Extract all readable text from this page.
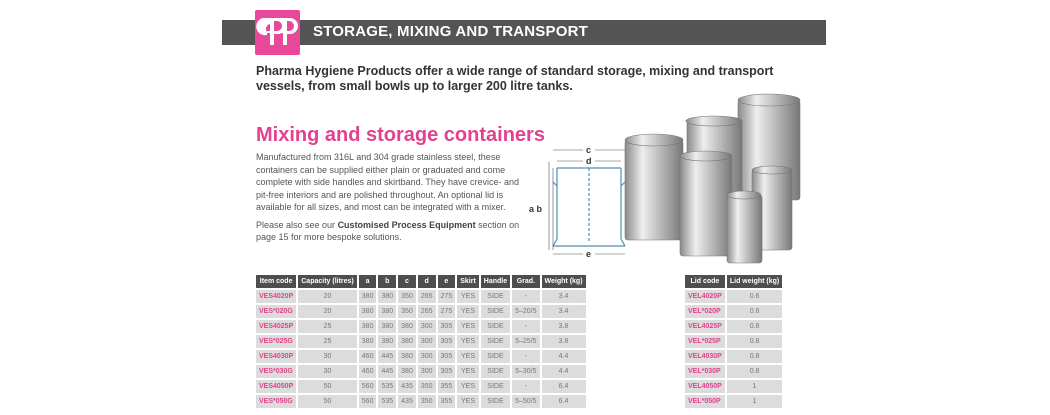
STORAGE, MIXING AND TRANSPORT
Pharma Hygiene Products offer a wide range of standard storage, mixing and transport vessels, from small bowls up to larger 200 litre tanks.
Mixing and storage containers

Manufactured from 316L and 304 grade stainless steel, these containers can be supplied either plain or graduated and come complete with side handles and skirtband. They have crevice- and pit-free interiors and are polished throughout. An optional lid is available for all sizes, and most can be integrated with a mixer.

Please also see our Customised Process Equipment section on page 15 for more bespoke solutions.

c
d
a b
e
Item code	Capacity (litres)	a	b	c	d	e	Skirt	Handle	Grad.	Weight (kg)
VES4020P	20	380	380	350	265	275	YES	SIDE	-	3.4
VES*020G	20	380	380	350	265	275	YES	SIDE	5–20/5	3.4
VES4025P	25	380	380	380	300	305	YES	SIDE	-	3.8
VES*025G	25	380	380	380	300	305	YES	SIDE	5–25/5	3.8
VES4030P	30	460	445	380	300	305	YES	SIDE	-	4.4
VES*030G	30	460	445	380	300	305	YES	SIDE	5–30/5	4.4
VES4050P	50	560	535	435	350	355	YES	SIDE	-	6.4
VES*050G	50	560	535	435	350	355	YES	SIDE	5–50/5	6.4
Lid code	Lid weight (kg)
VEL4020P	0.6
VEL*020P	0.6
VEL4025P	0.8
VEL*025P	0.8
VEL4030P	0.8
VEL*030P	0.8
VEL4050P	1
VEL*050P	1
